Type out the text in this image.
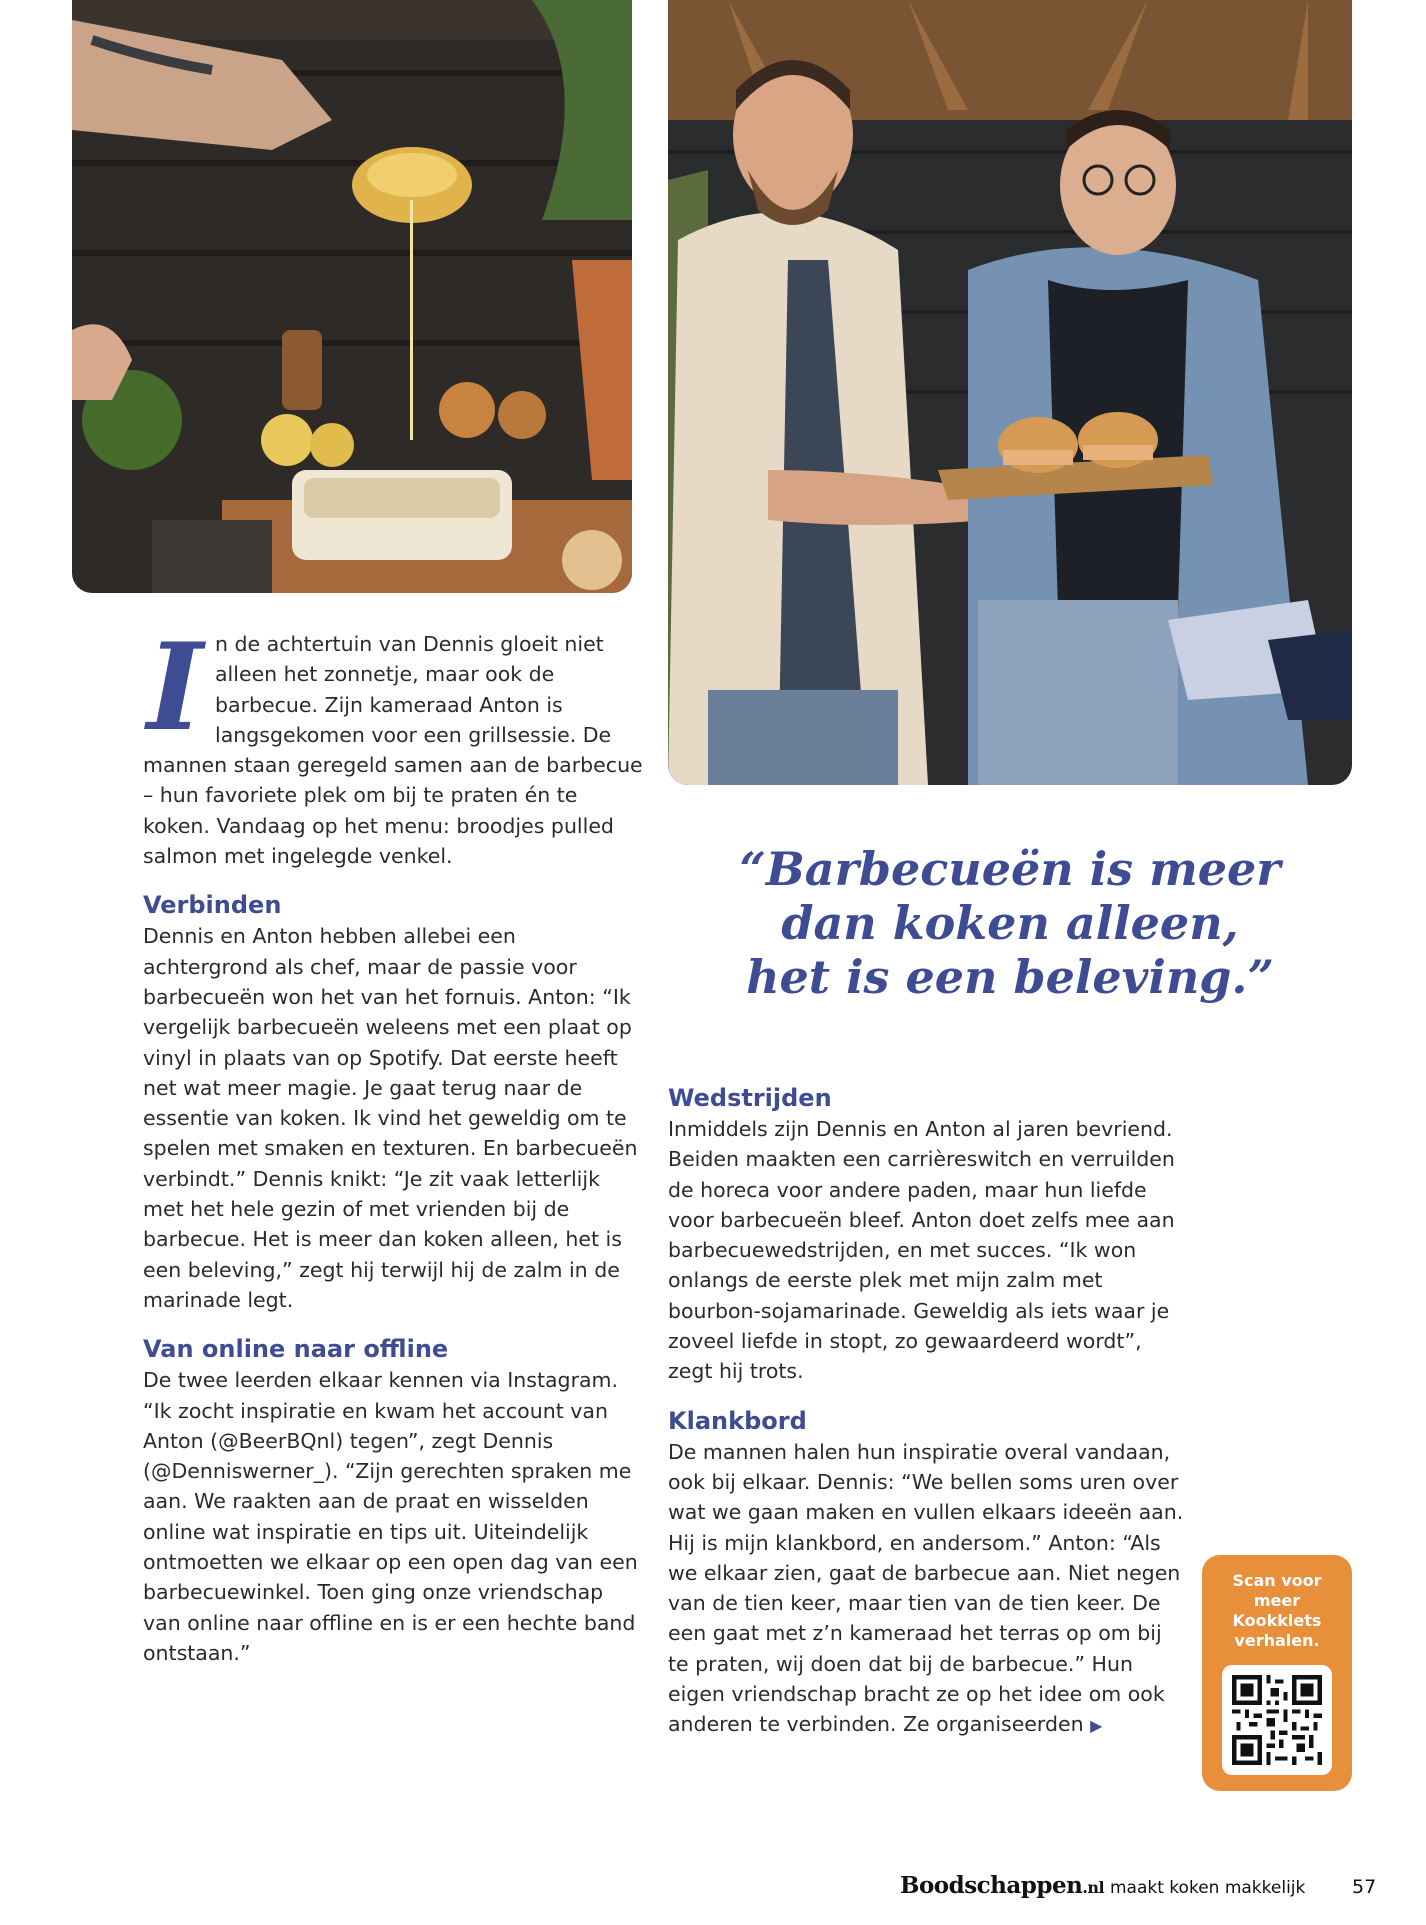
I n de achtertuin van Dennis gloeit niet alleen het zonnetje, maar ook de barbecue. Zijn kameraad Anton is langsgekomen voor een grillsessie. De mannen staan geregeld samen aan de barbecue – hun favoriete plek om bij te praten én te koken. Vandaag op het menu: broodjes pulled salmon met ingelegde venkel.

Verbinden

Dennis en Anton hebben allebei een achtergrond als chef, maar de passie voor barbecueën won het van het fornuis. Anton: “Ik vergelijk barbecueën weleens met een plaat op vinyl in plaats van op Spotify. Dat eerste heeft net wat meer magie. Je gaat terug naar de essentie van koken. Ik vind het geweldig om te spelen met smaken en texturen. En barbecueën verbindt.” Dennis knikt: “Je zit vaak letterlijk met het hele gezin of met vrienden bij de barbecue. Het is meer dan koken alleen, het is een beleving,” zegt hij terwijl hij de zalm in de marinade legt.

Van online naar offline

De twee leerden elkaar kennen via Instagram. “Ik zocht inspiratie en kwam het account van Anton (@BeerBQnl) tegen”, zegt Dennis (@Denniswerner_). “Zijn gerechten spraken me aan. We raakten aan de praat en wisselden online wat inspiratie en tips uit. Uiteindelijk ontmoetten we elkaar op een open dag van een barbecuewinkel. Toen ging onze vriendschap van online naar offline en is er een hechte band ontstaan.”

“Barbecueën is meer
dan koken alleen,
het is een beleving.”
Wedstrijden

Inmiddels zijn Dennis en Anton al jaren bevriend. Beiden maakten een carrièreswitch en verruilden de horeca voor andere paden, maar hun liefde voor barbecueën bleef. Anton doet zelfs mee aan barbecuewedstrijden, en met succes. “Ik won onlangs de eerste plek met mijn zalm met bourbon-sojamarinade. Geweldig als iets waar je zoveel liefde in stopt, zo gewaardeerd wordt”, zegt hij trots.

Klankbord

De mannen halen hun inspiratie overal vandaan, ook bij elkaar. Dennis: “We bellen soms uren over wat we gaan maken en vullen elkaars ideeën aan. Hij is mijn klankbord, en andersom.” Anton: “Als we elkaar zien, gaat de barbecue aan. Niet negen van de tien keer, maar tien van de tien keer. De een gaat met z’n kameraad het terras op om bij te praten, wij doen dat bij de barbecue.” Hun eigen vriendschap bracht ze op het idee om ook anderen te verbinden. Ze organiseerden ▶

Scan voor
meer
Kookklets
verhalen.
Boodschappen.nl maakt koken makkelijk 57
